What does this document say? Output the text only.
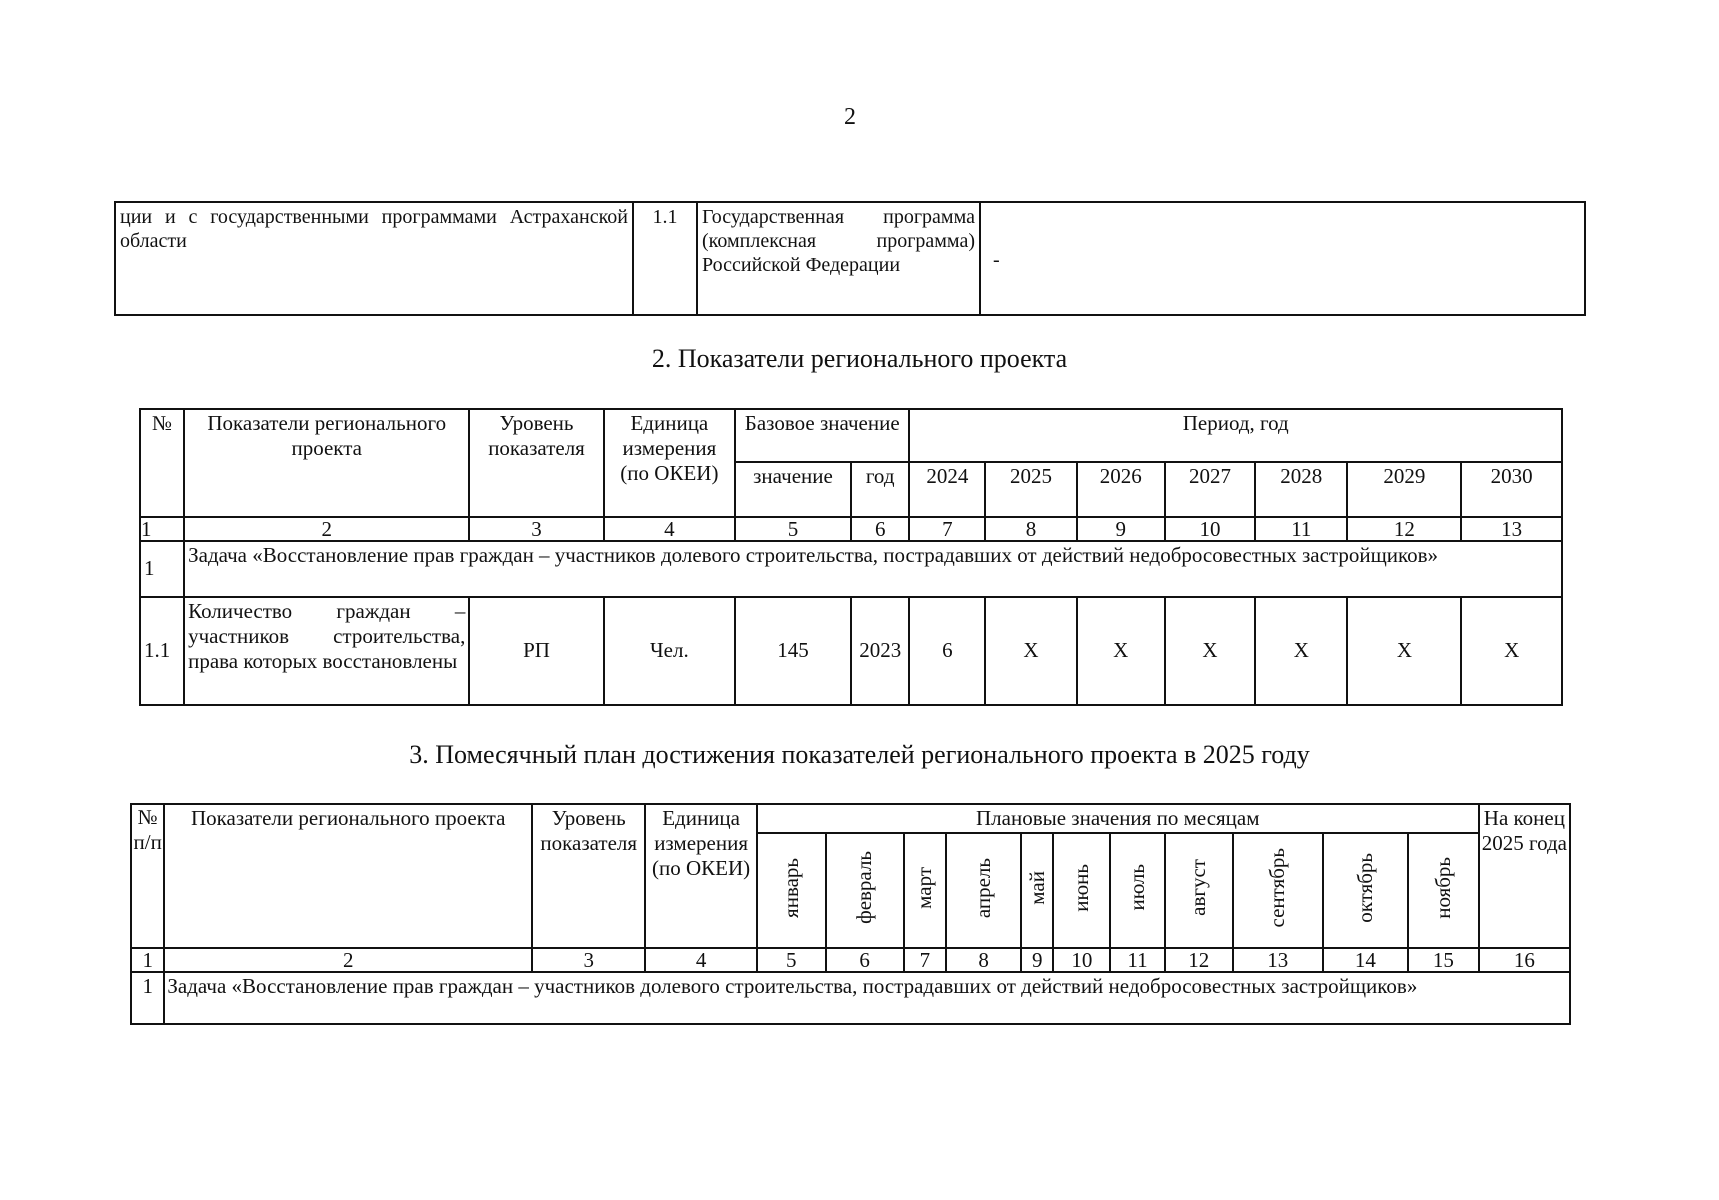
2
ции и с государственными программами Астраханской области	1.1	Государственная программа (комплексная программа) Российской Федерации	-
2. Показатели регионального проекта
№	Показатели регионального проекта	Уровень показателя	Единица измерения (по ОКЕИ)	Базовое значение		Период, год						
				значение	год	2024	2025	2026	2027	2028	2029	2030
1	2	3	4	5	6	7	8	9	10	11	12	13
1	Задача «Восстановление прав граждан – участников долевого строительства, пострадавших от действий недобросовестных застройщиков»											
1.1	Количество граждан – участников строительства, права которых восстановлены	РП	Чел.	145	2023	6	X	X	X	X	X	X
3. Помесячный план достижения показателей регионального проекта в 2025 году
№ п/п	Показатели регионального проекта	Уровень показателя	Единица измерения (по ОКЕИ)	Плановые значения по месяцам											На конец 2025 года
				январь	февраль	март	апрель	май	июнь	июль	август	сентябрь	октябрь	ноябрь	
1	2	3	4	5	6	7	8	9	10	11	12	13	14	15	16
1	Задача «Восстановление прав граждан – участников долевого строительства, пострадавших от действий недобросовестных застройщиков»														
